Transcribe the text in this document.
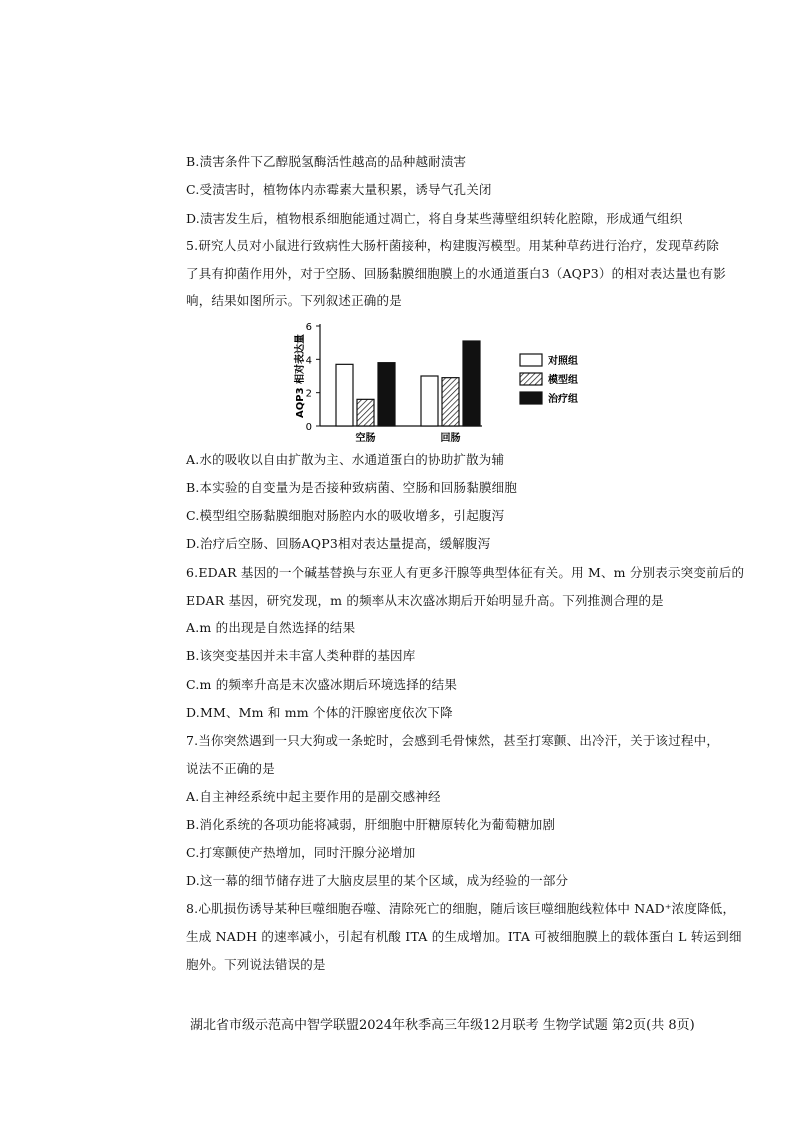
B.渍害条件下乙醇脱氢酶活性越高的品种越耐渍害
C.受渍害时，植物体内赤霉素大量积累，诱导气孔关闭
D.渍害发生后，植物根系细胞能通过凋亡，将自身某些薄壁组织转化腔隙，形成通气组织
5.研究人员对小鼠进行致病性大肠杆菌接种，构建腹泻模型。用某种草药进行治疗，发现草药除
了具有抑菌作用外，对于空肠、回肠黏膜细胞膜上的水通道蛋白3（AQP3）的相对表达量也有影
响，结果如图所示。下列叙述正确的是
AQP3 相对表达量
0
2
4
6
空肠	回肠
对照组
模型组
治疗组
A.水的吸收以自由扩散为主、水通道蛋白的协助扩散为辅
B.本实验的自变量为是否接种致病菌、空肠和回肠黏膜细胞
C.模型组空肠黏膜细胞对肠腔内水的吸收增多，引起腹泻
D.治疗后空肠、回肠AQP3相对表达量提高，缓解腹泻
6.EDAR 基因的一个碱基替换与东亚人有更多汗腺等典型体征有关。用 M、m 分别表示突变前后的
EDAR 基因，研究发现，m 的频率从末次盛冰期后开始明显升高。下列推测合理的是
A.m 的出现是自然选择的结果
B.该突变基因并未丰富人类种群的基因库
C.m 的频率升高是末次盛冰期后环境选择的结果
D.MM、Mm 和 mm 个体的汗腺密度依次下降
7.当你突然遇到一只大狗或一条蛇时，会感到毛骨悚然，甚至打寒颤、出冷汗，关于该过程中，
说法不正确的是
A.自主神经系统中起主要作用的是副交感神经
B.消化系统的各项功能将减弱，肝细胞中肝糖原转化为葡萄糖加剧
C.打寒颤使产热增加，同时汗腺分泌增加
D.这一幕的细节储存进了大脑皮层里的某个区域，成为经验的一部分
8.心肌损伤诱导某种巨噬细胞吞噬、清除死亡的细胞，随后该巨噬细胞线粒体中 NAD⁺浓度降低，
生成 NADH 的速率减小，引起有机酸 ITA 的生成增加。ITA 可被细胞膜上的载体蛋白 L 转运到细
胞外。下列说法错误的是
湖北省市级示范高中智学联盟2024年秋季高三年级12月联考 生物学试题 第2页(共 8页)
